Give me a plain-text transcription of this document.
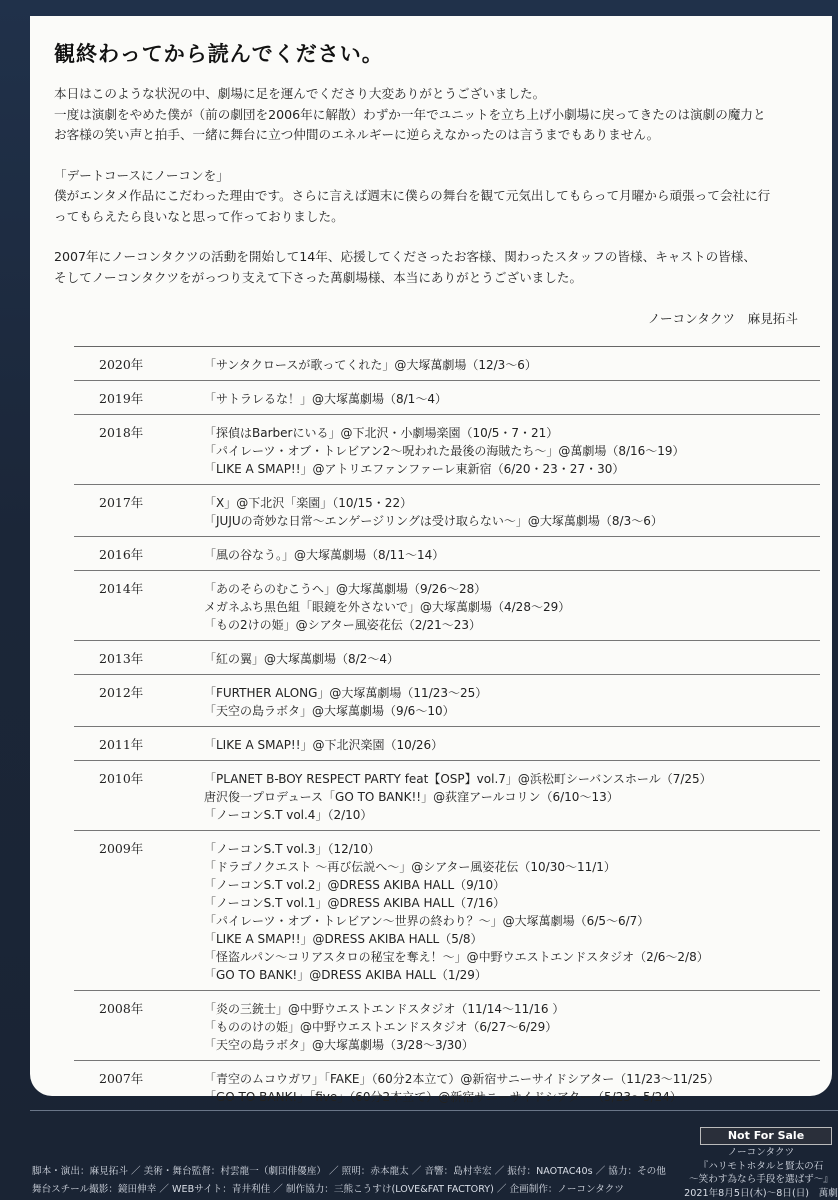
観終わってから読んでください。

本日はこのような状況の中、劇場に足を運んでくださり大変ありがとうございました。

一度は演劇をやめた僕が（前の劇団を2006年に解散）わずか一年でユニットを立ち上げ小劇場に戻ってきたのは演劇の魔力と

お客様の笑い声と拍手、一緒に舞台に立つ仲間のエネルギーに逆らえなかったのは言うまでもありません。

「デートコースにノーコンを」

僕がエンタメ作品にこだわった理由です。さらに言えば週末に僕らの舞台を観て元気出してもらって月曜から頑張って会社に行

ってもらえたら良いなと思って作っておりました。

2007年にノーコンタクツの活動を開始して14年、応援してくださったお客様、関わったスタッフの皆様、キャストの皆様、

そしてノーコンタクツをがっつり支えて下さった萬劇場様、本当にありがとうございました。

ノーコンタクツ　麻見拓斗
2020年	「サンタクロースが歌ってくれた」@大塚萬劇場（12/3～6）
2019年	「サトラレるな！」@大塚萬劇場（8/1～4）
2018年	「探偵はBarberにいる」@下北沢・小劇場楽園（10/5・7・21）
「パイレーツ・オブ・トレビアン2～呪われた最後の海賊たち～」@萬劇場（8/16～19）
「LIKE A SMAP!!」@アトリエファンファーレ東新宿（6/20・23・27・30）
2017年	「X」@下北沢「楽園」（10/15・22）
「JUJUの奇妙な日常～エンゲージリングは受け取らない～」@大塚萬劇場（8/3～6）
2016年	「風の谷なう。」@大塚萬劇場（8/11～14）
2014年	「あのそらのむこうへ」@大塚萬劇場（9/26～28）
メガネふち黒色組「眼鏡を外さないで」@大塚萬劇場（4/28～29）
「もの2けの姫」@シアター風姿花伝（2/21～23）
2013年	「紅の翼」@大塚萬劇場（8/2～4）
2012年	「FURTHER ALONG」@大塚萬劇場（11/23～25）
「天空の島ラボタ」@大塚萬劇場（9/6～10）
2011年	「LIKE A SMAP!!」@下北沢楽園（10/26）
2010年	「PLANET B-BOY RESPECT PARTY feat【OSP】vol.7」@浜松町シーバンスホール（7/25）
唐沢俊一プロデュース「GO TO BANK!!」@荻窪アールコリン（6/10～13）
「ノーコンS.T vol.4」（2/10）
2009年	「ノーコンS.T vol.3」（12/10）
「ドラゴノクエスト ～再び伝説へ～」@シアター風姿花伝（10/30～11/1）
「ノーコンS.T vol.2」@DRESS AKIBA HALL（9/10）
「ノーコンS.T vol.1」@DRESS AKIBA HALL（7/16）
「パイレーツ・オブ・トレビアン～世界の終わり？～」@大塚萬劇場（6/5～6/7）
「LIKE A SMAP!!」@DRESS AKIBA HALL（5/8）
「怪盗ルパン～コリアスタロの秘宝を奪え！～」@中野ウエストエンドスタジオ（2/6～2/8）
「GO TO BANK!」@DRESS AKIBA HALL（1/29）
2008年	「炎の三銃士」@中野ウエストエンドスタジオ（11/14～11/16 ）
「もののけの姫」@中野ウエストエンドスタジオ（6/27～6/29）
「天空の島ラボタ」@大塚萬劇場（3/28～3/30）
2007年	「青空のムコウガワ」「FAKE」（60分2本立て）@新宿サニーサイドシアター（11/23～11/25）
「GO TO BANK!」「five」（60分2本立て）@新宿サニーサイドシアター（5/23～5/24）
Not For Sale
脚本・演出：麻見拓斗 ／ 美術・舞台監督：村雲龍一（劇団俳優座） ／ 照明：赤本龍太 ／ 音響：島村幸宏 ／ 振付：NAOTAC40s ／ 協力：その他
舞台スチール撮影：鏡田伸幸 ／ WEBサイト：青井利佳 ／ 制作協力：三熊こうすけ(LOVE&FAT FACTORY) ／ 企画制作：ノーコンタクツ
ノーコンタクツ
『ハリモトホタルと賢太の石
～笑わす為なら手段を選ばず～』
2021年8月5日(木)～8日(日)　萬劇
